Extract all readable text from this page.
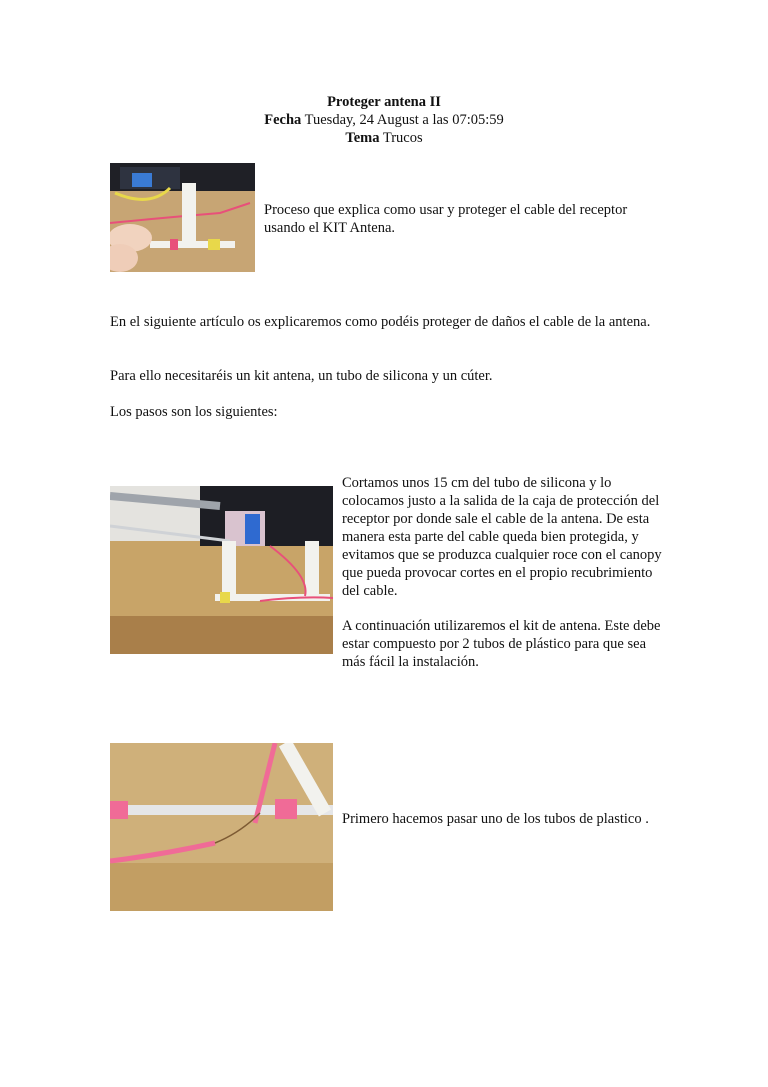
Proteger antena II
Fecha Tuesday, 24 August a las 07:05:59
Tema Trucos
Proceso que explica como usar y proteger el cable del receptor usando el KIT Antena.
En el siguiente artículo os explicaremos como podéis proteger de daños el cable de la antena.
Para ello necesitaréis un kit antena, un tubo de silicona y un cúter.
Los pasos son los siguientes:
Cortamos unos 15 cm del tubo de silicona y lo colocamos justo a la salida de la caja de protección del receptor por donde sale el cable de la antena. De esta manera esta parte del cable queda bien protegida, y evitamos que se produzca cualquier roce con el canopy que pueda provocar cortes en el propio recubrimiento del cable.
A continuación utilizaremos el kit de antena. Este debe estar compuesto por 2 tubos de plástico para que sea más fácil la instalación.
Primero hacemos pasar uno de los tubos de plastico .
